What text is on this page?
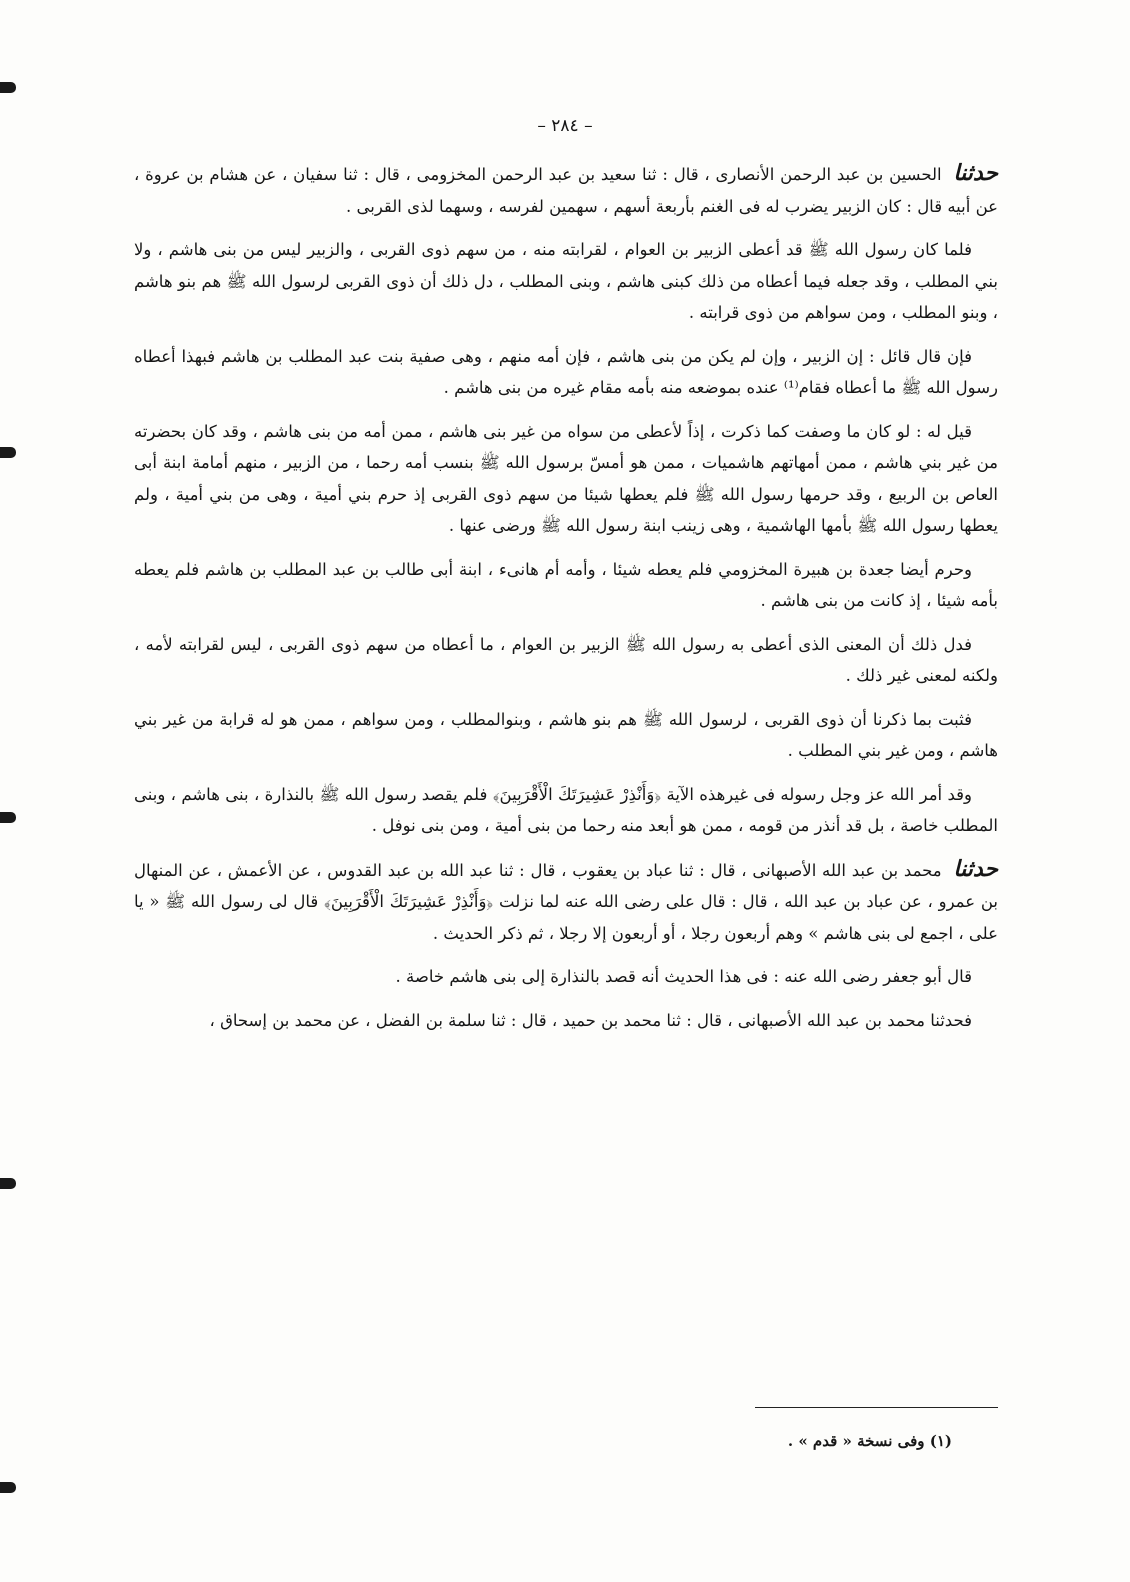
– ٢٨٤ –

حدثنا الحسين بن عبد الرحمن الأنصارى ، قال : ثنا سعيد بن عبد الرحمن المخزومى ، قال : ثنا سفيان ، عن هشام بن عروة ، عن أبيه قال : كان الزبير يضرب له فى الغنم بأربعة أسهم ، سهمين لفرسه ، وسهما لذى القربى .

فلما كان رسول الله ﷺ قد أعطى الزبير بن العوام ، لقرابته منه ، من سهم ذوى القربى ، والزبير ليس من بنى هاشم ، ولا بني المطلب ، وقد جعله فيما أعطاه من ذلك كبنى هاشم ، وبنى المطلب ، دل ذلك أن ذوى القربى لرسول الله ﷺ هم بنو هاشم ، وبنو المطلب ، ومن سواهم من ذوى قرابته .

فإن قال قائل : إن الزبير ، وإن لم يكن من بنى هاشم ، فإن أمه منهم ، وهى صفية بنت عبد المطلب بن هاشم فبهذا أعطاه رسول الله ﷺ ما أعطاه فقام⁽¹⁾ عنده بموضعه منه بأمه مقام غيره من بنى هاشم .

قيل له : لو كان ما وصفت كما ذكرت ، إذاً لأعطى من سواه من غير بنى هاشم ، ممن أمه من بنى هاشم ، وقد كان بحضرته من غير بني هاشم ، ممن أمهاتهم هاشميات ، ممن هو أمسّ برسول الله ﷺ بنسب أمه رحما ، من الزبير ، منهم أمامة ابنة أبى العاص بن الربيع ، وقد حرمها رسول الله ﷺ فلم يعطها شيئا من سهم ذوى القربى إذ حرم بني أمية ، وهى من بني أمية ، ولم يعطها رسول الله ﷺ بأمها الهاشمية ، وهى زينب ابنة رسول الله ﷺ ورضى عنها .

وحرم أيضا جعدة بن هبيرة المخزومي فلم يعطه شيئا ، وأمه أم هانىء ، ابنة أبى طالب بن عبد المطلب بن هاشم فلم يعطه بأمه شيئا ، إذ كانت من بنى هاشم .

فدل ذلك أن المعنى الذى أعطى به رسول الله ﷺ الزبير بن العوام ، ما أعطاه من سهم ذوى القربى ، ليس لقرابته لأمه ، ولكنه لمعنى غير ذلك .

فثبت بما ذكرنا أن ذوى القربى ، لرسول الله ﷺ هم بنو هاشم ، وبنوالمطلب ، ومن سواهم ، ممن هو له قرابة من غير بني هاشم ، ومن غير بني المطلب .

وقد أمر الله عز وجل رسوله فى غيرهذه الآية ﴿وَأَنْذِرْ عَشِيرَتَكَ الْأَقْرَبِينَ﴾ فلم يقصد رسول الله ﷺ بالنذارة ، بنى هاشم ، وبنى المطلب خاصة ، بل قد أنذر من قومه ، ممن هو أبعد منه رحما من بنى أمية ، ومن بنى نوفل .

حدثنا محمد بن عبد الله الأصبهانى ، قال : ثنا عباد بن يعقوب ، قال : ثنا عبد الله بن عبد القدوس ، عن الأعمش ، عن المنهال بن عمرو ، عن عباد بن عبد الله ، قال : قال على رضى الله عنه لما نزلت ﴿وَأَنْذِرْ عَشِيرَتَكَ الْأَقْرَبِينَ﴾ قال لى رسول الله ﷺ « يا على ، اجمع لى بنى هاشم » وهم أربعون رجلا ، أو أربعون إلا رجلا ، ثم ذكر الحديث .

قال أبو جعفر رضى الله عنه : فى هذا الحديث أنه قصد بالنذارة إلى بنى هاشم خاصة .

فحدثنا محمد بن عبد الله الأصبهانى ، قال : ثنا محمد بن حميد ، قال : ثنا سلمة بن الفضل ، عن محمد بن إسحاق ،

(١) وفى نسخة « قدم » .
